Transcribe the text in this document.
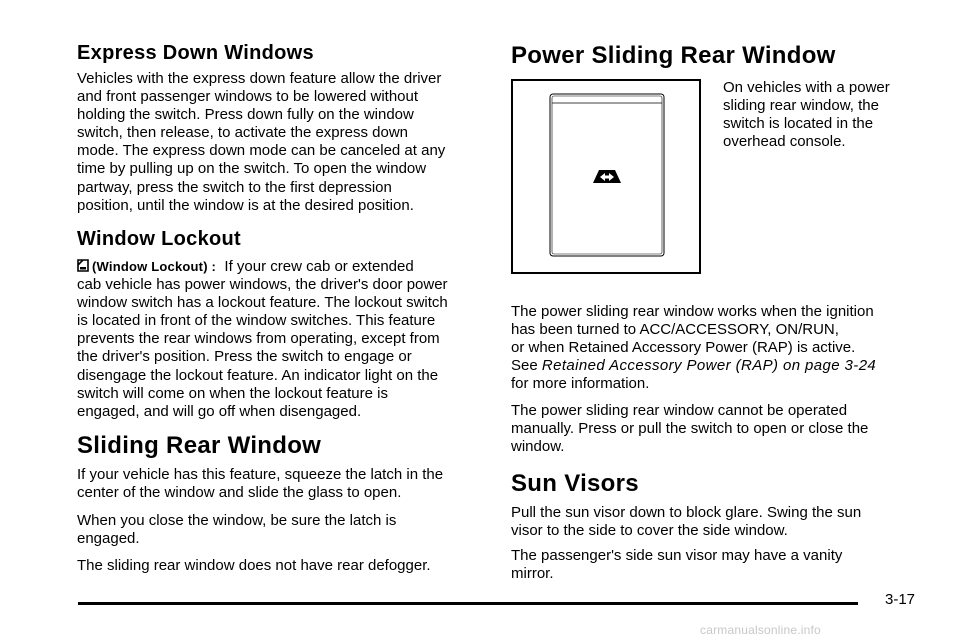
Express Down Windows

Vehicles with the express down feature allow the driver

and front passenger windows to be lowered without

holding the switch. Press down fully on the window

switch, then release, to activate the express down

mode. The express down mode can be canceled at any

time by pulling up on the switch. To open the window

partway, press the switch to the first depression

position, until the window is at the desired position.

Window Lockout

(Window Lockout) : If your crew cab or extended

cab vehicle has power windows, the driver's door power

window switch has a lockout feature. The lockout switch

is located in front of the window switches. This feature

prevents the rear windows from operating, except from

the driver's position. Press the switch to engage or

disengage the lockout feature. An indicator light on the

switch will come on when the lockout feature is

engaged, and will go off when disengaged.

Sliding Rear Window

If your vehicle has this feature, squeeze the latch in the

center of the window and slide the glass to open.

When you close the window, be sure the latch is

engaged.

The sliding rear window does not have rear defogger.

Power Sliding Rear Window

On vehicles with a power

sliding rear window, the

switch is located in the

overhead console.

The power sliding rear window works when the ignition

has been turned to ACC/ACCESSORY, ON/RUN,

or when Retained Accessory Power (RAP) is active.

See Retained Accessory Power (RAP) on page 3‑24

for more information.

The power sliding rear window cannot be operated

manually. Press or pull the switch to open or close the

window.

Sun Visors

Pull the sun visor down to block glare. Swing the sun

visor to the side to cover the side window.

The passenger's side sun visor may have a vanity

mirror.

3-17
carmanualsonline.info
